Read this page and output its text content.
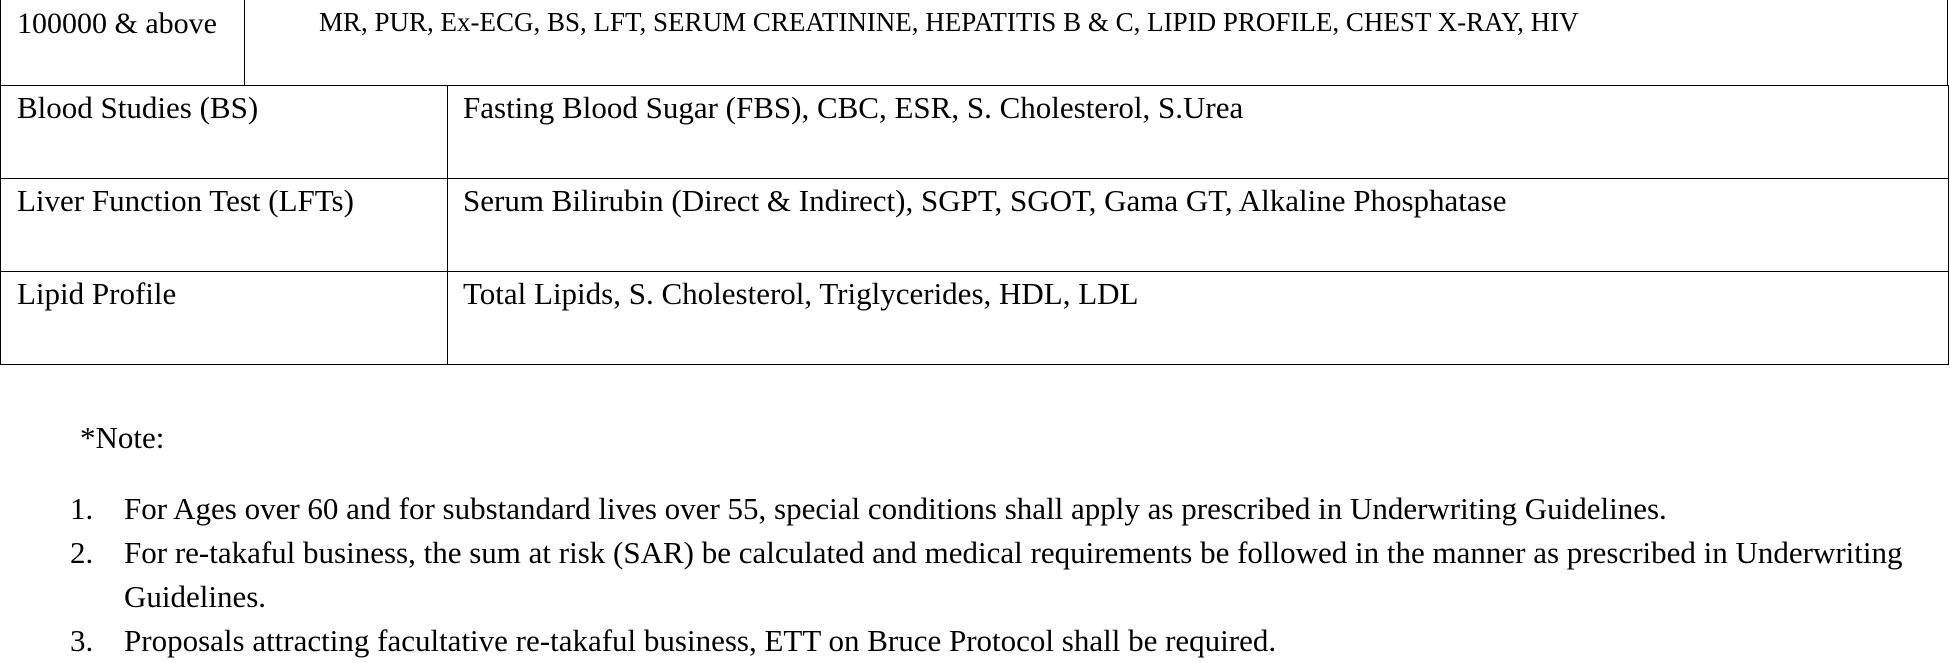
100000 & above	MR, PUR, Ex-ECG, BS, LFT, SERUM CREATININE, HEPATITIS B & C, LIPID PROFILE, CHEST X-RAY, HIV
Blood Studies (BS)	Fasting Blood Sugar (FBS), CBC, ESR, S. Cholesterol, S.Urea
Liver Function Test (LFTs)	Serum Bilirubin (Direct & Indirect), SGPT, SGOT, Gama GT, Alkaline Phosphatase
Lipid Profile	Total Lipids, S. Cholesterol, Triglycerides, HDL, LDL
*Note:
1. For Ages over 60 and for substandard lives over 55, special conditions shall apply as prescribed in Underwriting Guidelines.
2. For re-takaful business, the sum at risk (SAR) be calculated and medical requirements be followed in the manner as prescribed in Underwriting Guidelines.
3. Proposals attracting facultative re-takaful business, ETT on Bruce Protocol shall be required.
